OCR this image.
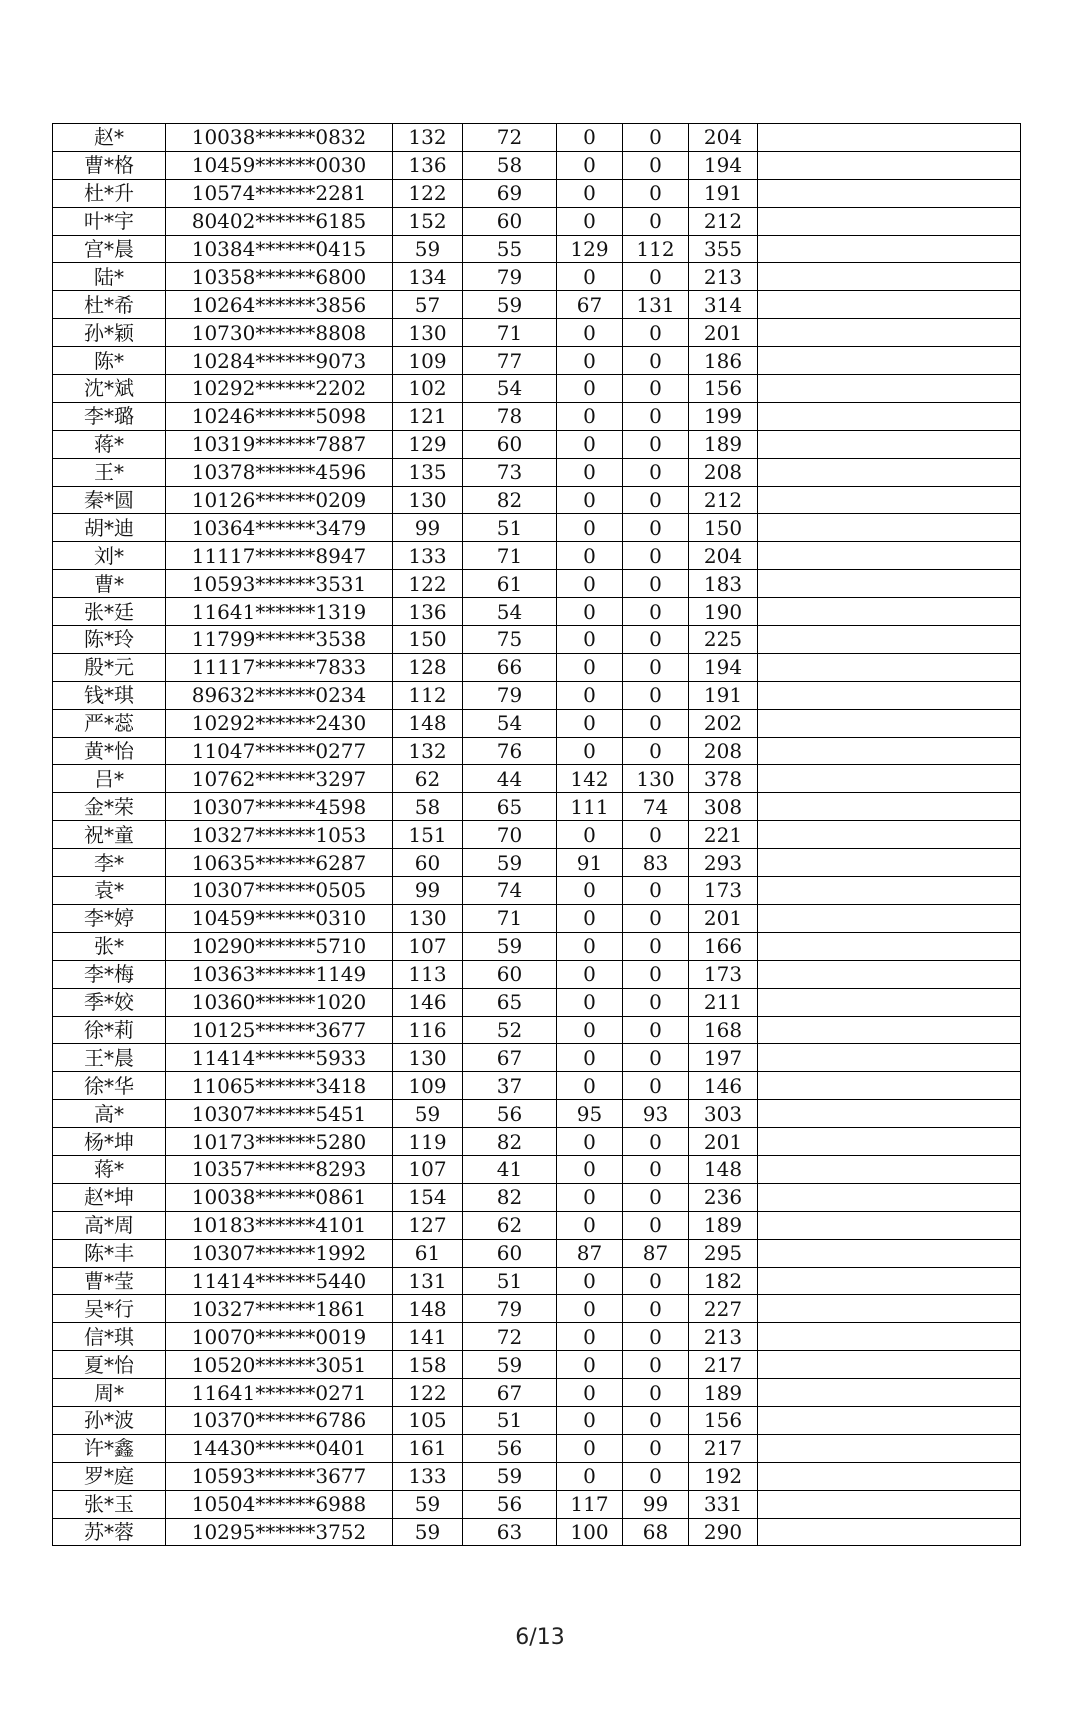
赵*	10038******0832	132	72	0	0	204	
曹*格	10459******0030	136	58	0	0	194	
杜*升	10574******2281	122	69	0	0	191	
叶*宇	80402******6185	152	60	0	0	212	
宫*晨	10384******0415	59	55	129	112	355	
陆*	10358******6800	134	79	0	0	213	
杜*希	10264******3856	57	59	67	131	314	
孙*颖	10730******8808	130	71	0	0	201	
陈*	10284******9073	109	77	0	0	186	
沈*斌	10292******2202	102	54	0	0	156	
李*璐	10246******5098	121	78	0	0	199	
蒋*	10319******7887	129	60	0	0	189	
王*	10378******4596	135	73	0	0	208	
秦*圆	10126******0209	130	82	0	0	212	
胡*迪	10364******3479	99	51	0	0	150	
刘*	11117******8947	133	71	0	0	204	
曹*	10593******3531	122	61	0	0	183	
张*廷	11641******1319	136	54	0	0	190	
陈*玲	11799******3538	150	75	0	0	225	
殷*元	11117******7833	128	66	0	0	194	
钱*琪	89632******0234	112	79	0	0	191	
严*蕊	10292******2430	148	54	0	0	202	
黄*怡	11047******0277	132	76	0	0	208	
吕*	10762******3297	62	44	142	130	378	
金*荣	10307******4598	58	65	111	74	308	
祝*童	10327******1053	151	70	0	0	221	
李*	10635******6287	60	59	91	83	293	
袁*	10307******0505	99	74	0	0	173	
李*婷	10459******0310	130	71	0	0	201	
张*	10290******5710	107	59	0	0	166	
李*梅	10363******1149	113	60	0	0	173	
季*姣	10360******1020	146	65	0	0	211	
徐*莉	10125******3677	116	52	0	0	168	
王*晨	11414******5933	130	67	0	0	197	
徐*华	11065******3418	109	37	0	0	146	
高*	10307******5451	59	56	95	93	303	
杨*坤	10173******5280	119	82	0	0	201	
蒋*	10357******8293	107	41	0	0	148	
赵*坤	10038******0861	154	82	0	0	236	
高*周	10183******4101	127	62	0	0	189	
陈*丰	10307******1992	61	60	87	87	295	
曹*莹	11414******5440	131	51	0	0	182	
吴*行	10327******1861	148	79	0	0	227	
信*琪	10070******0019	141	72	0	0	213	
夏*怡	10520******3051	158	59	0	0	217	
周*	11641******0271	122	67	0	0	189	
孙*波	10370******6786	105	51	0	0	156	
许*鑫	14430******0401	161	56	0	0	217	
罗*庭	10593******3677	133	59	0	0	192	
张*玉	10504******6988	59	56	117	99	331	
苏*蓉	10295******3752	59	63	100	68	290	
6/13
